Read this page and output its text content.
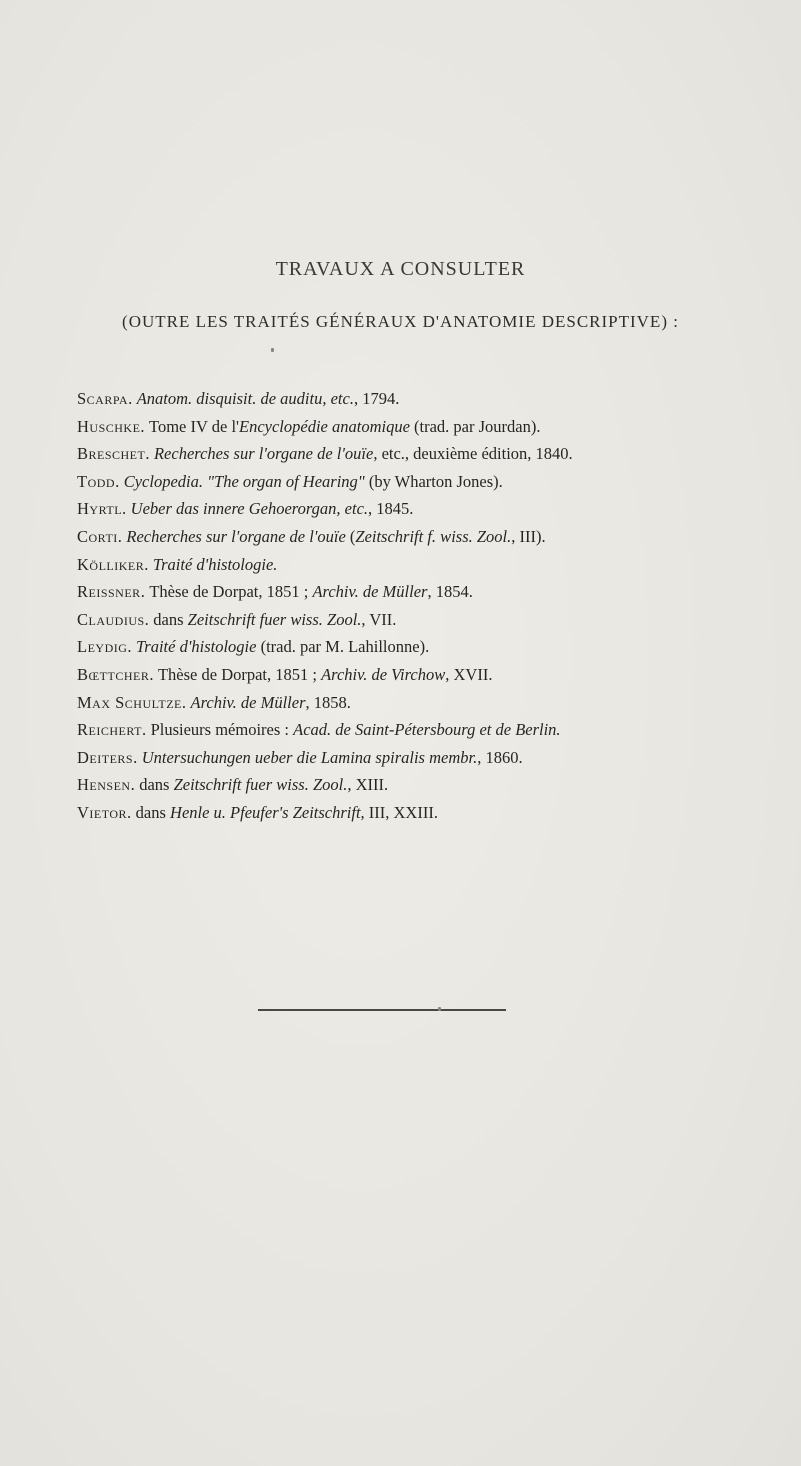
TRAVAUX A CONSULTER
(OUTRE LES TRAITÉS GÉNÉRAUX D'ANATOMIE DESCRIPTIVE) :
Scarpa . Anatom. disquisit. de auditu, etc., 1794.
Huschke . Tome IV de l'Encyclopédie anatomique (trad. par Jourdan).
Breschet . Recherches sur l'organe de l'ouïe, etc., deuxième édition, 1840.
Todd . Cyclopedia. "The organ of Hearing" (by Wharton Jones).
Hyrtl . Ueber das innere Gehoerorgan, etc., 1845.
Corti . Recherches sur l'organe de l'ouïe (Zeitschrift f. wiss. Zool., III).
Kölliker . Traité d'histologie.
Reissner . Thèse de Dorpat, 1851 ; Archiv. de Müller, 1854.
Claudius . dans Zeitschrift fuer wiss. Zool., VII.
Leydig . Traité d'histologie (trad. par M. Lahillonne).
Bœttcher . Thèse de Dorpat, 1851 ; Archiv. de Virchow, XVII.
Max Schultze . Archiv. de Müller, 1858.
Reichert . Plusieurs mémoires : Acad. de Saint-Pétersbourg et de Berlin.
Deiters . Untersuchungen ueber die Lamina spiralis membr., 1860.
Hensen . dans Zeitschrift fuer wiss. Zool., XIII.
Vietor . dans Henle u. Pfeufer's Zeitschrift, III, XXIII.
